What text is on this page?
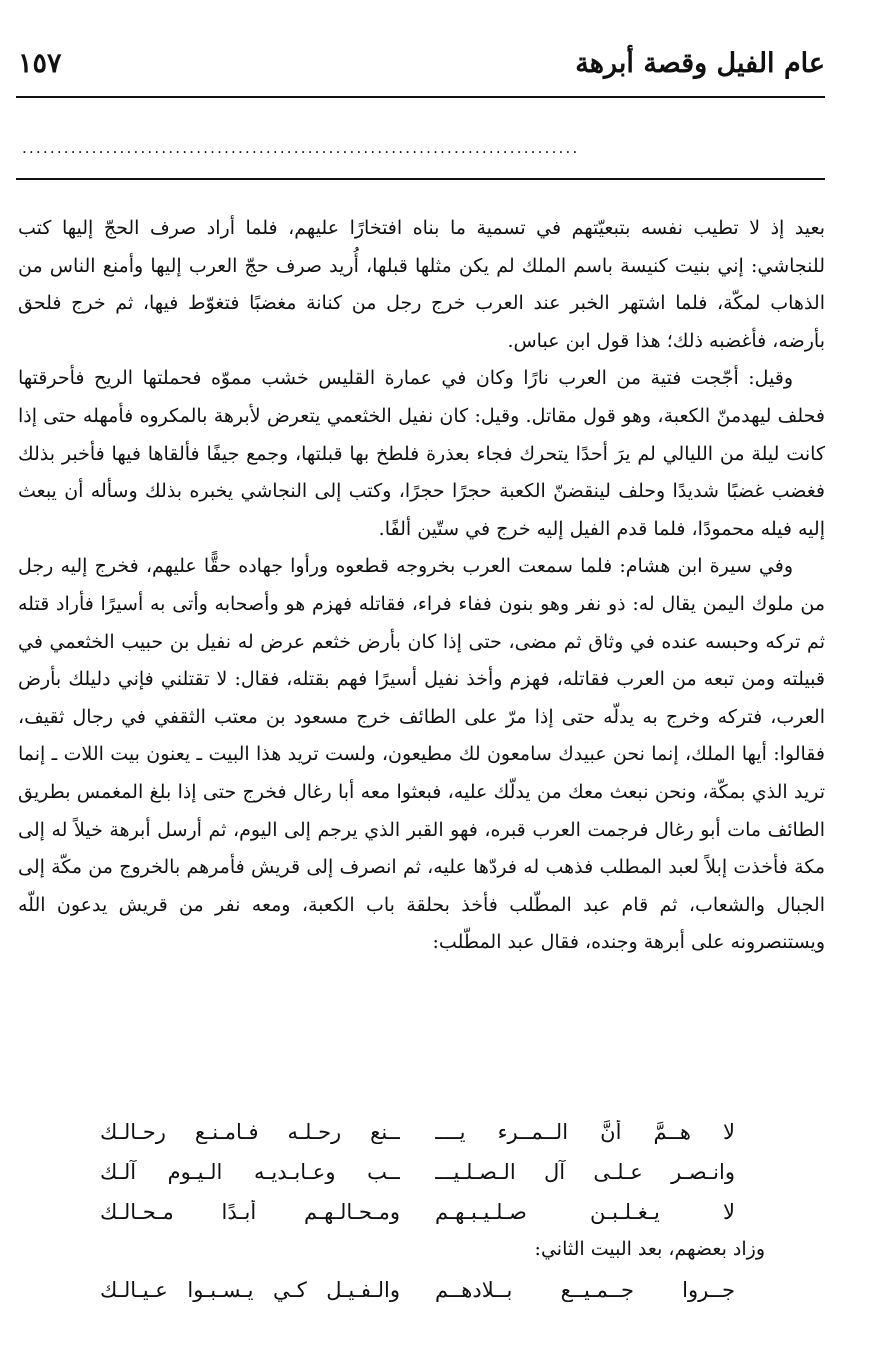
عام الفيل وقصة أبرهة
١٥٧
................................................................................

بعيد إذ لا تطيب نفسه بتبعيّتهم في تسمية ما بناه افتخارًا عليهم، فلما أراد صرف الحجّ إليها كتب للنجاشي: إني بنيت كنيسة باسم الملك لم يكن مثلها قبلها، أُريد صرف حجّ العرب إليها وأمنع الناس من الذهاب لمكّة، فلما اشتهر الخبر عند العرب خرج رجل من كنانة مغضبًا فتغوّط فيها، ثم خرج فلحق بأرضه، فأغضبه ذلك؛ هذا قول ابن عباس.

وقيل: أجّجت فتية من العرب نارًا وكان في عمارة القليس خشب مموّه فحملتها الريح فأحرقتها فحلف ليهدمنّ الكعبة، وهو قول مقاتل. وقيل: كان نفيل الخثعمي يتعرض لأبرهة بالمكروه فأمهله حتى إذا كانت ليلة من الليالي لم يرَ أحدًا يتحرك فجاء بعذرة فلطخ بها قبلتها، وجمع جيفًا فألقاها فيها فأخبر بذلك فغضب غضبًا شديدًا وحلف لينقضنّ الكعبة حجرًا حجرًا، وكتب إلى النجاشي يخبره بذلك وسأله أن يبعث إليه فيله محمودًا، فلما قدم الفيل إليه خرج في ستّين ألفًا.

وفي سيرة ابن هشام: فلما سمعت العرب بخروجه قطعوه ورأوا جهاده حقًّا عليهم، فخرج إليه رجل من ملوك اليمن يقال له: ذو نفر وهو بنون ففاء فراء، فقاتله فهزم هو وأصحابه وأتى به أسيرًا فأراد قتله ثم تركه وحبسه عنده في وثاق ثم مضى، حتى إذا كان بأرض خثعم عرض له نفيل بن حبيب الخثعمي في قبيلته ومن تبعه من العرب فقاتله، فهزم وأخذ نفيل أسيرًا فهم بقتله، فقال: لا تقتلني فإني دليلك بأرض العرب، فتركه وخرج به يدلّه حتى إذا مرّ على الطائف خرج مسعود بن معتب الثقفي في رجال ثقيف، فقالوا: أيها الملك، إنما نحن عبيدك سامعون لك مطيعون، ولست تريد هذا البيت ـ يعنون بيت اللات ـ إنما تريد الذي بمكّة، ونحن نبعث معك من يدلّك عليه، فبعثوا معه أبا رغال فخرج حتى إذا بلغ المغمس بطريق الطائف مات أبو رغال فرجمت العرب قبره، فهو القبر الذي يرجم إلى اليوم، ثم أرسل أبرهة خيلاً له إلى مكة فأخذت إبلاً لعبد المطلب فذهب له فردّها عليه، ثم انصرف إلى قريش فأمرهم بالخروج من مكّة إلى الجبال والشعاب، ثم قام عبد المطّلب فأخذ بحلقة باب الكعبة، ومعه نفر من قريش يدعون اللّه ويستنصرونه على أبرهة وجنده، فقال عبد المطّلب:

لا هــمَّ أنَّ الــمــرء يــــ
ــنع رحـلـه فـامـنـع رحـالـك
وانـصـر عـلـى آل الـصـلـيـــ
ــب وعـابـديـه الـيـوم آلـك
لا يـغـلـبـن صـلـيـبـهـم
ومـحـالـهـم أبـدًا مـحـالـك
وزاد بعضهم، بعد البيت الثاني:
جــروا جــمـيــع بــلادهــم
والـفـيـل كـي يـسـبـوا عـيـالـك
